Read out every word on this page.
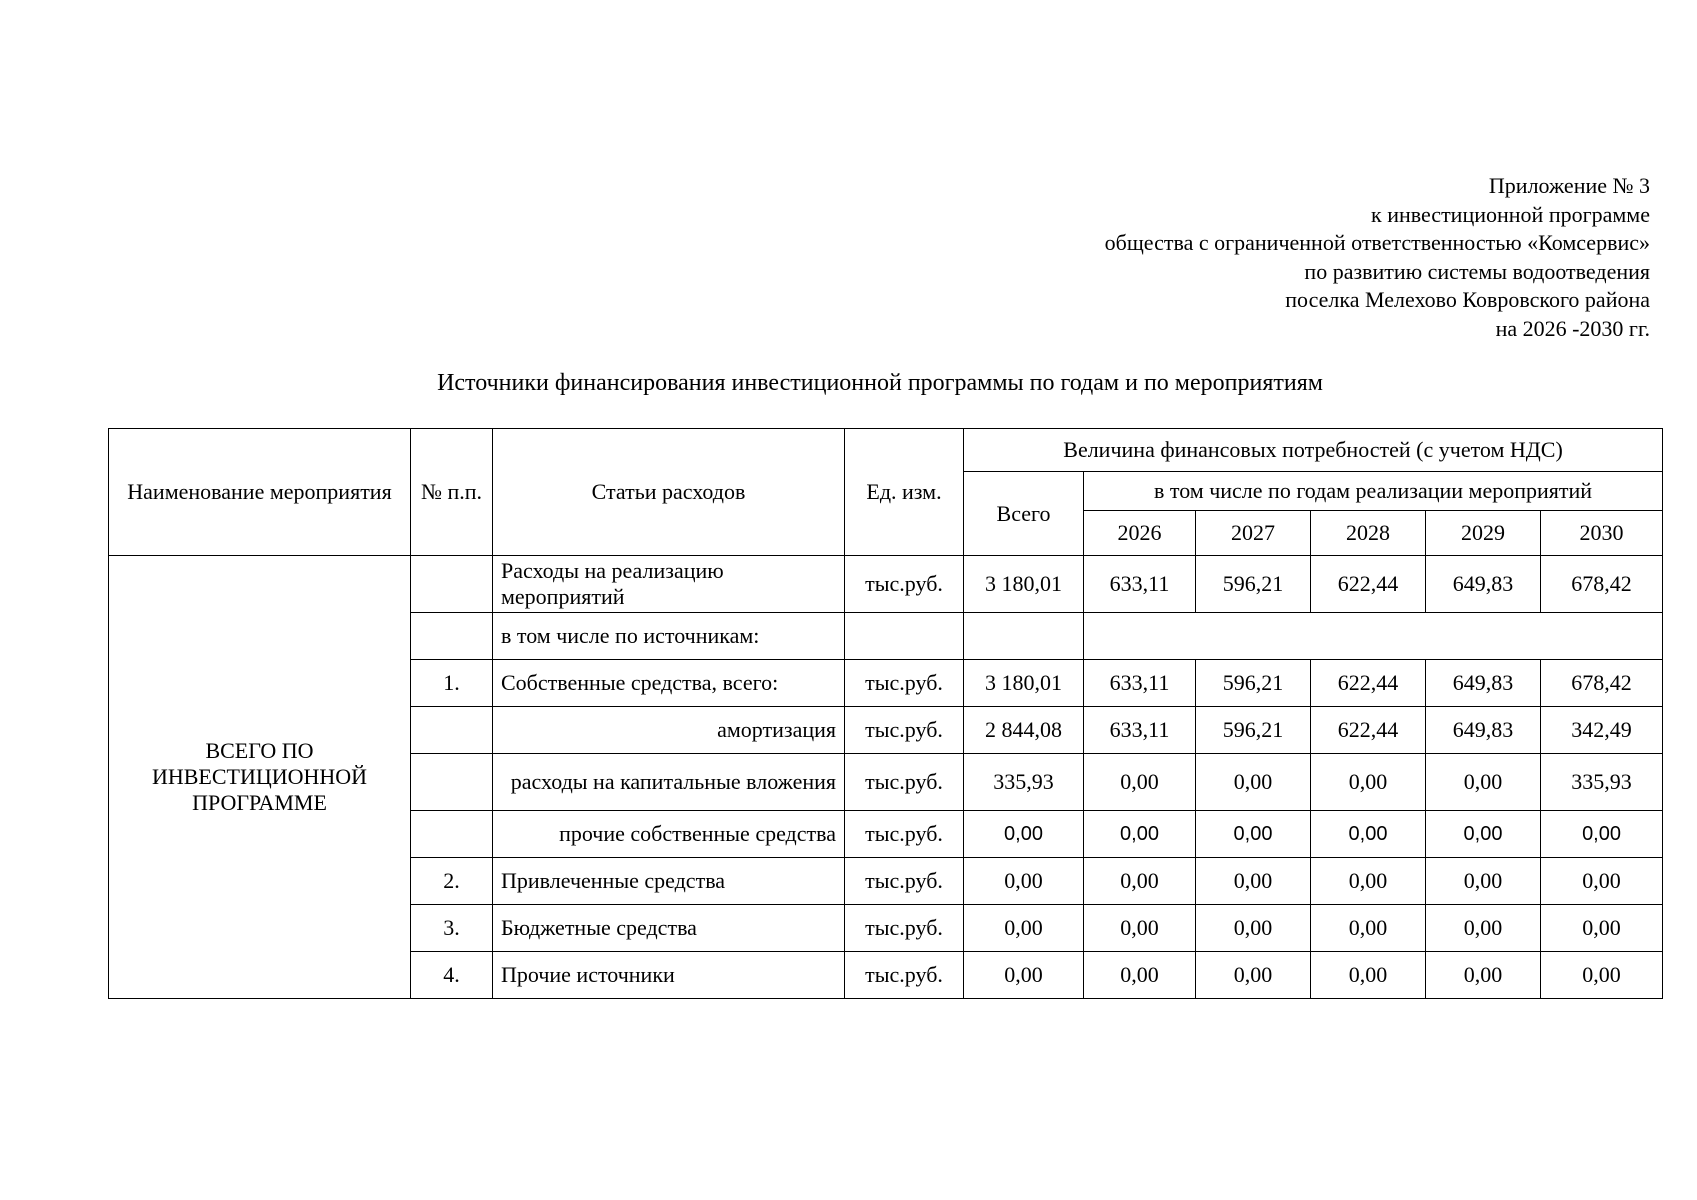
Приложение № 3
к инвестиционной программе
общества с ограниченной ответственностью «Комсервис»
по развитию системы водоотведения
поселка Мелехово Ковровского района
на 2026 -2030 гг.
Источники финансирования инвестиционной программы по годам и по мероприятиям
Наименование мероприятия	№ п.п.	Статьи расходов	Ед. изм.	Величина финансовых потребностей (с учетом НДС)					
				Всего	в том числе по годам реализации мероприятий				
					2026	2027	2028	2029	2030
ВСЕГО ПО ИНВЕСТИЦИОННОЙ ПРОГРАММЕ		Расходы на реализацию мероприятий	тыс.руб.	3 180,01	633,11	596,21	622,44	649,83	678,42
		в том числе по источникам:							
	1.	Собственные средства, всего:	тыс.руб.	3 180,01	633,11	596,21	622,44	649,83	678,42
		амортизация	тыс.руб.	2 844,08	633,11	596,21	622,44	649,83	342,49
		расходы на капитальные вложения	тыс.руб.	335,93	0,00	0,00	0,00	0,00	335,93
		прочие собственные средства	тыс.руб.	0,00	0,00	0,00	0,00	0,00	0,00
	2.	Привлеченные средства	тыс.руб.	0,00	0,00	0,00	0,00	0,00	0,00
	3.	Бюджетные средства	тыс.руб.	0,00	0,00	0,00	0,00	0,00	0,00
	4.	Прочие источники	тыс.руб.	0,00	0,00	0,00	0,00	0,00	0,00
